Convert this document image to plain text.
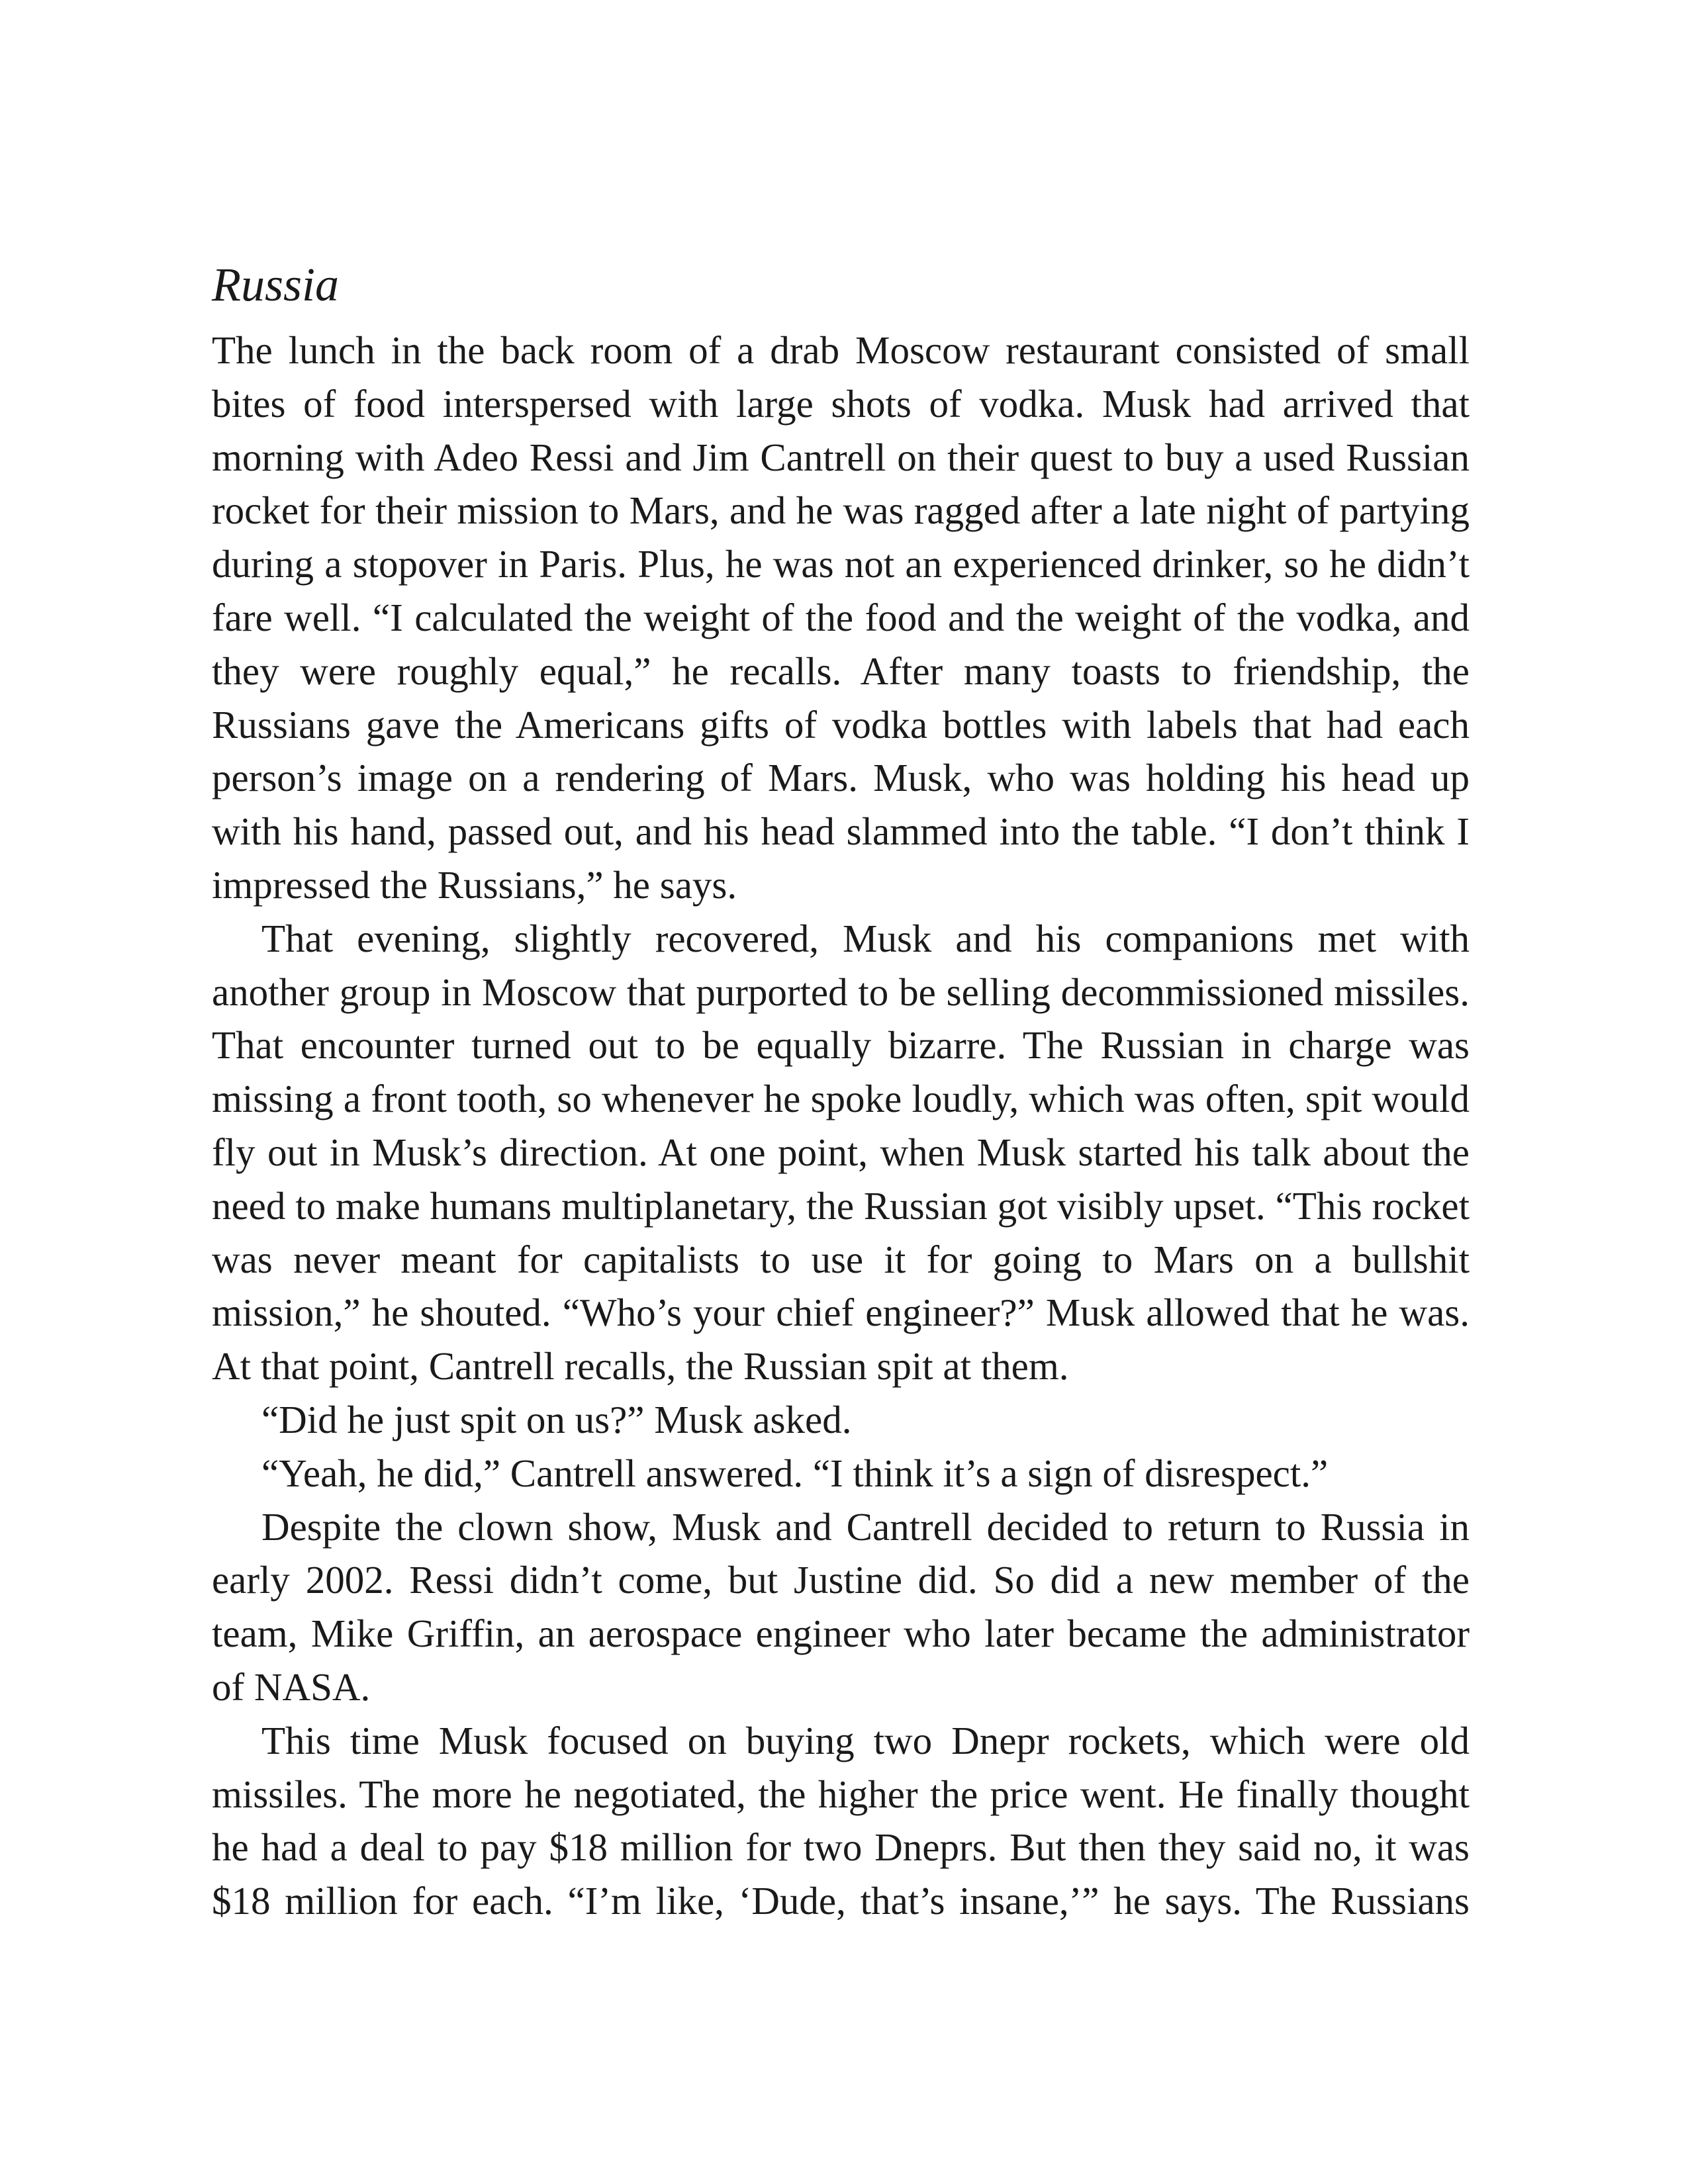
Russia

The lunch in the back room of a drab Moscow restaurant consisted of small bites of food interspersed with large shots of vodka. Musk had arrived that morning with Adeo Ressi and Jim Cantrell on their quest to buy a used Russian rocket for their mission to Mars, and he was ragged after a late night of partying during a stopover in Paris. Plus, he was not an experienced drinker, so he didn’t fare well. “I calculated the weight of the food and the weight of the vodka, and they were roughly equal,” he recalls. After many toasts to friendship, the Russians gave the Americans gifts of vodka bottles with labels that had each person’s image on a rendering of Mars. Musk, who was holding his head up with his hand, passed out, and his head slammed into the table. “I don’t think I impressed the Russians,” he says.

That evening, slightly recovered, Musk and his companions met with another group in Moscow that purported to be selling decommissioned missiles. That encounter turned out to be equally bizarre. The Russian in charge was missing a front tooth, so whenever he spoke loudly, which was often, spit would fly out in Musk’s direction. At one point, when Musk started his talk about the need to make humans multiplanetary, the Russian got visibly upset. “This rocket was never meant for capitalists to use it for going to Mars on a bullshit mission,” he shouted. “Who’s your chief engineer?” Musk allowed that he was. At that point, Cantrell recalls, the Russian spit at them.

“Did he just spit on us?” Musk asked.

“Yeah, he did,” Cantrell answered. “I think it’s a sign of disrespect.”

Despite the clown show, Musk and Cantrell decided to return to Russia in early 2002. Ressi didn’t come, but Justine did. So did a new member of the team, Mike Griffin, an aerospace engineer who later became the administrator of NASA.

This time Musk focused on buying two Dnepr rockets, which were old missiles. The more he negotiated, the higher the price went. He finally thought he had a deal to pay $18 million for two Dneprs. But then they said no, it was $18 million for each. “I’m like, ‘Dude, that’s insane,’” he says. The Russians
